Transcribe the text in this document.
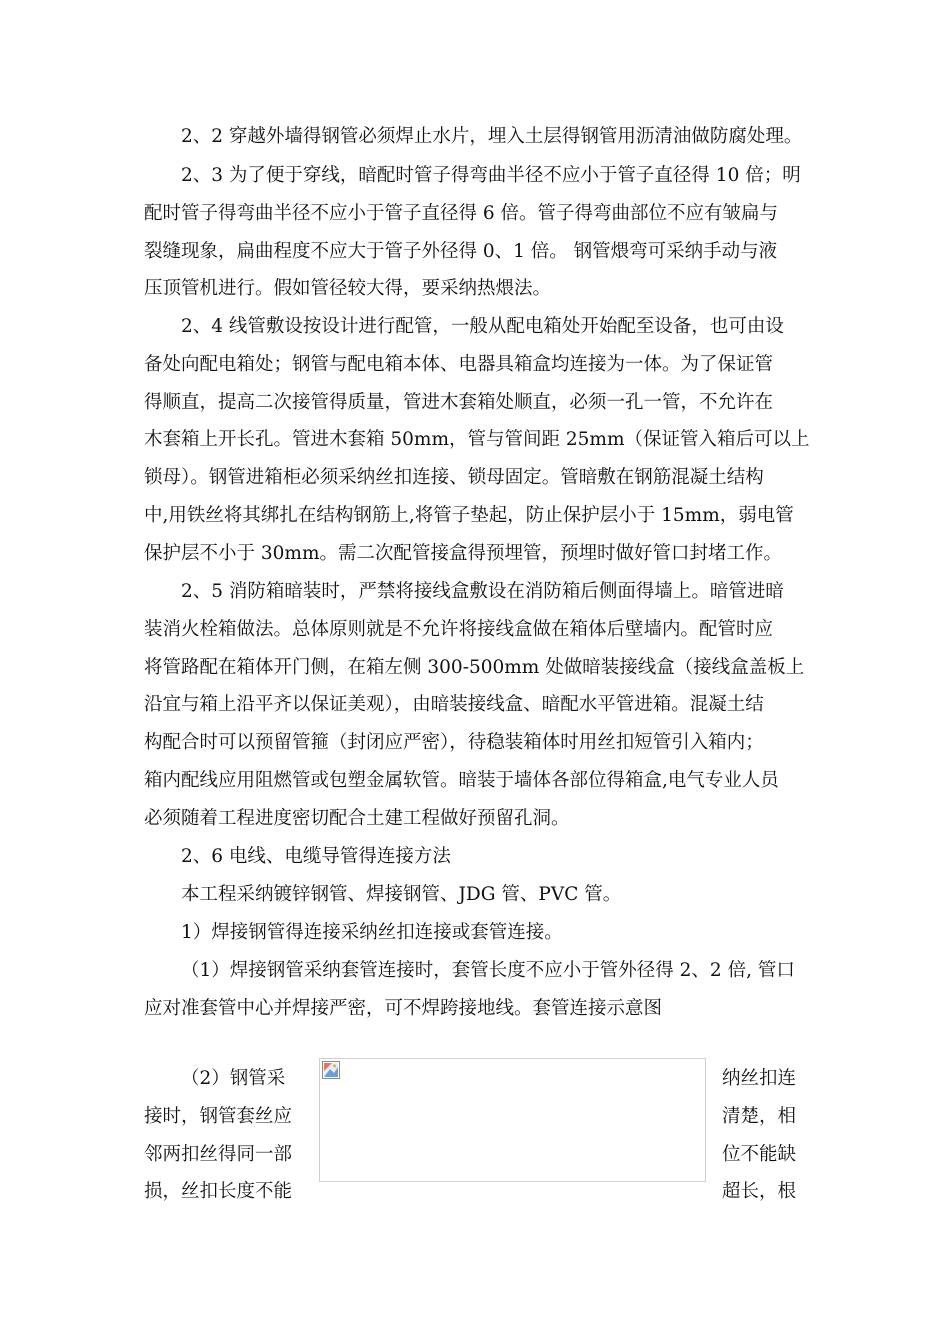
2、2 穿越外墙得钢管必须焊止水片，埋入土层得钢管用沥清油做防腐处理。
2、3 为了便于穿线，暗配时管子得弯曲半径不应小于管子直径得 10 倍；明
配时管子得弯曲半径不应小于管子直径得 6 倍。管子得弯曲部位不应有皱扁与
裂缝现象，扁曲程度不应大于管子外径得 0、1 倍。 钢管煨弯可采纳手动与液
压顶管机进行。假如管径较大得，要采纳热煨法。
2、4 线管敷设按设计进行配管，一般从配电箱处开始配至设备，也可由设
备处向配电箱处；钢管与配电箱本体、电器具箱盒均连接为一体。为了保证管
得顺直，提高二次接管得质量，管进木套箱处顺直，必须一孔一管，不允许在
木套箱上开长孔。管进木套箱 50mm，管与管间距 25mm（保证管入箱后可以上
锁母）。钢管进箱柜必须采纳丝扣连接、锁母固定。管暗敷在钢筋混凝土结构
中,用铁丝将其绑扎在结构钢筋上,将管子垫起，防止保护层小于 15mm，弱电管
保护层不小于 30mm。需二次配管接盒得预埋管，预埋时做好管口封堵工作。
2、5 消防箱暗装时，严禁将接线盒敷设在消防箱后侧面得墙上。暗管进暗
装消火栓箱做法。总体原则就是不允许将接线盒做在箱体后壁墙内。配管时应
将管路配在箱体开门侧，在箱左侧 300-500mm 处做暗装接线盒（接线盒盖板上
沿宜与箱上沿平齐以保证美观），由暗装接线盒、暗配水平管进箱。混凝土结
构配合时可以预留管箍（封闭应严密），待稳装箱体时用丝扣短管引入箱内；
箱内配线应用阻燃管或包塑金属软管。暗装于墙体各部位得箱盒,电气专业人员
必须随着工程进度密切配合土建工程做好预留孔洞。
2、6 电线、电缆导管得连接方法
本工程采纳镀锌钢管、焊接钢管、JDG 管、PVC 管。
1）焊接钢管得连接采纳丝扣连接或套管连接。
（1）焊接钢管采纳套管连接时，套管长度不应小于管外径得 2、2 倍, 管口
应对准套管中心并焊接严密，可不焊跨接地线。套管连接示意图
（2）钢管采
接时，钢管套丝应
邻两扣丝得同一部
损，丝扣长度不能
纳丝扣连
清楚，相
位不能缺
超长，根
